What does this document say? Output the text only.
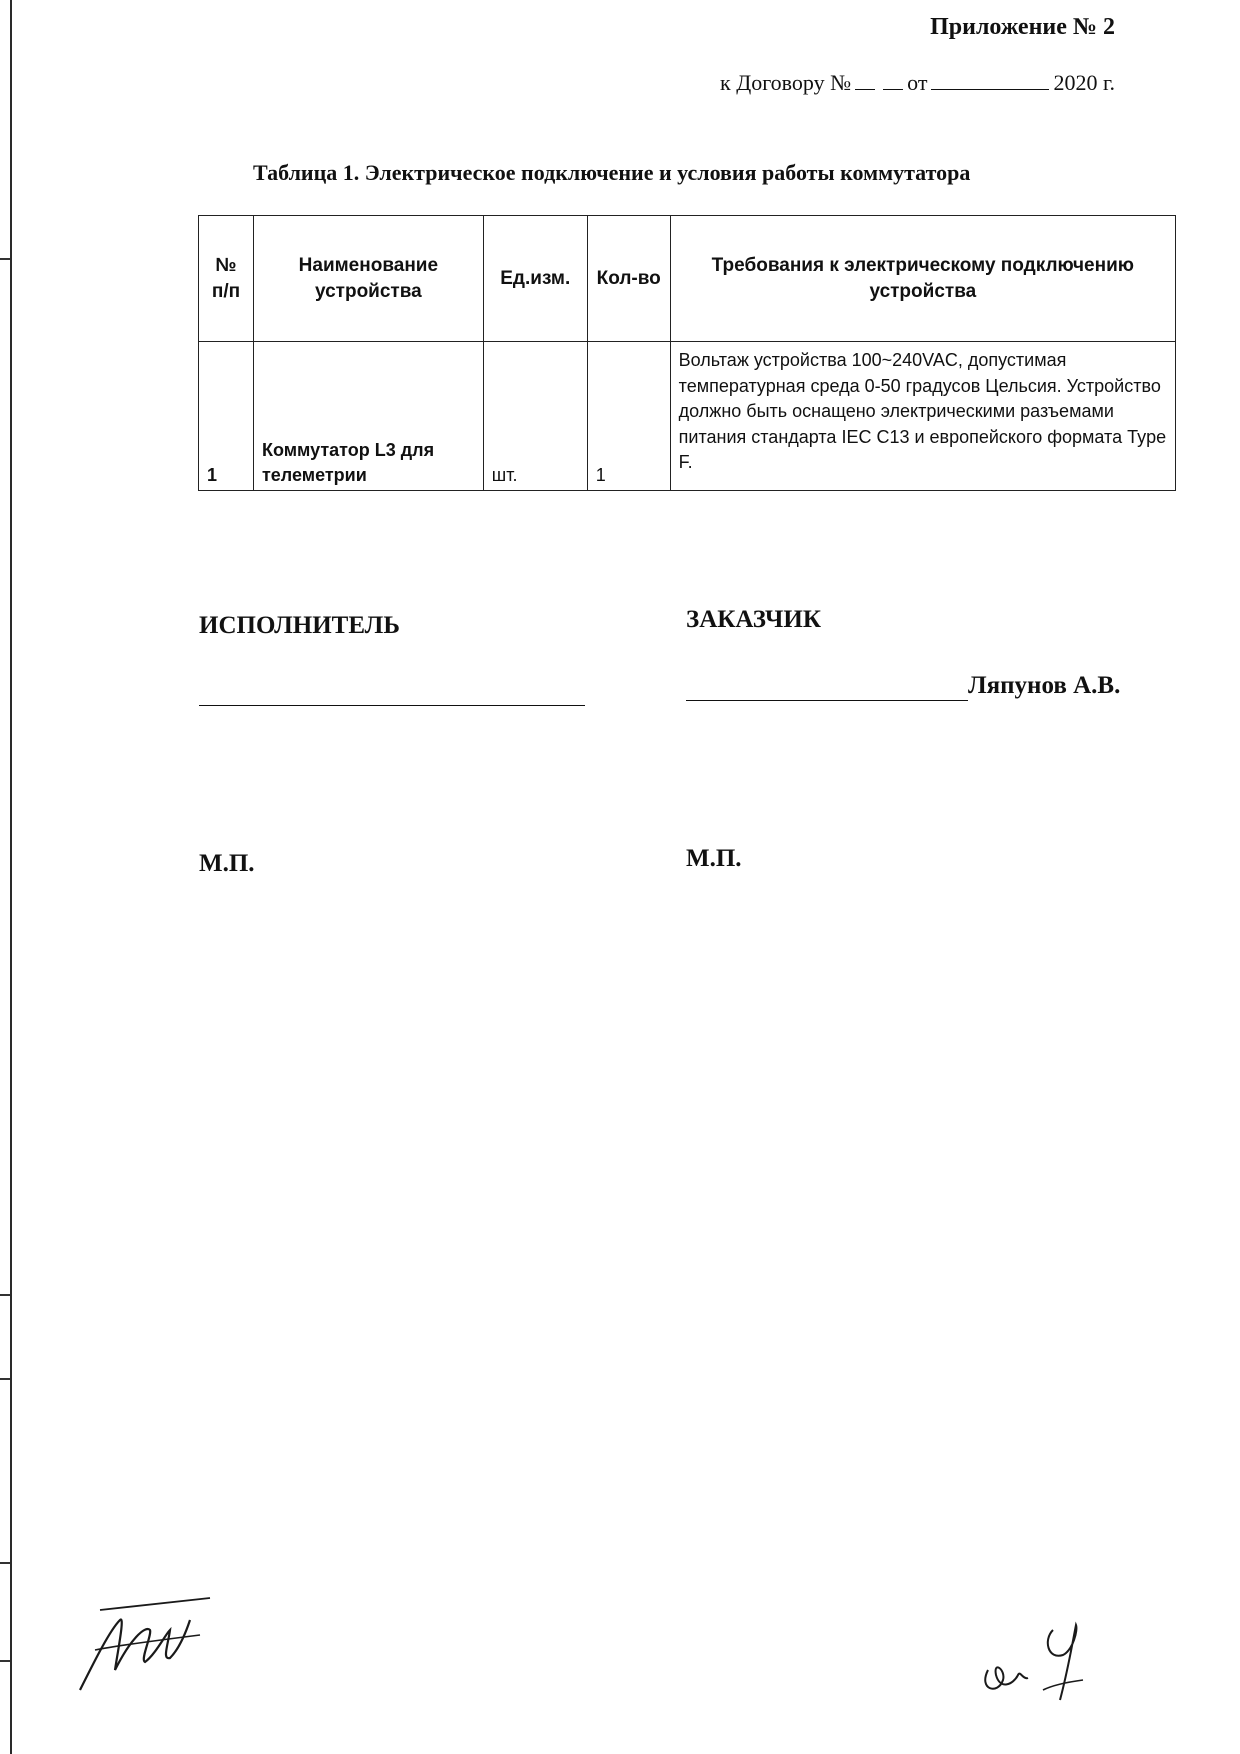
Приложение № 2
к Договору №	от	2020 г.
Таблица 1. Электрическое подключение и условия работы коммутатора
№ п/п	Наименование устройства	Ед.изм.	Кол-во	Требования к электрическому подключению устройства
1	Коммутатор L3 для телеметрии	шт.	1	Вольтаж устройства 100~240VAC, допустимая температурная среда 0-50 градусов Цельсия. Устройство должно быть оснащено электрическими разъемами питания стандарта IEC C13 и европейского формата Type F.
ИСПОЛНИТЕЛЬ	ЗАКАЗЧИК
Ляпунов А.В.
М.П.	М.П.
